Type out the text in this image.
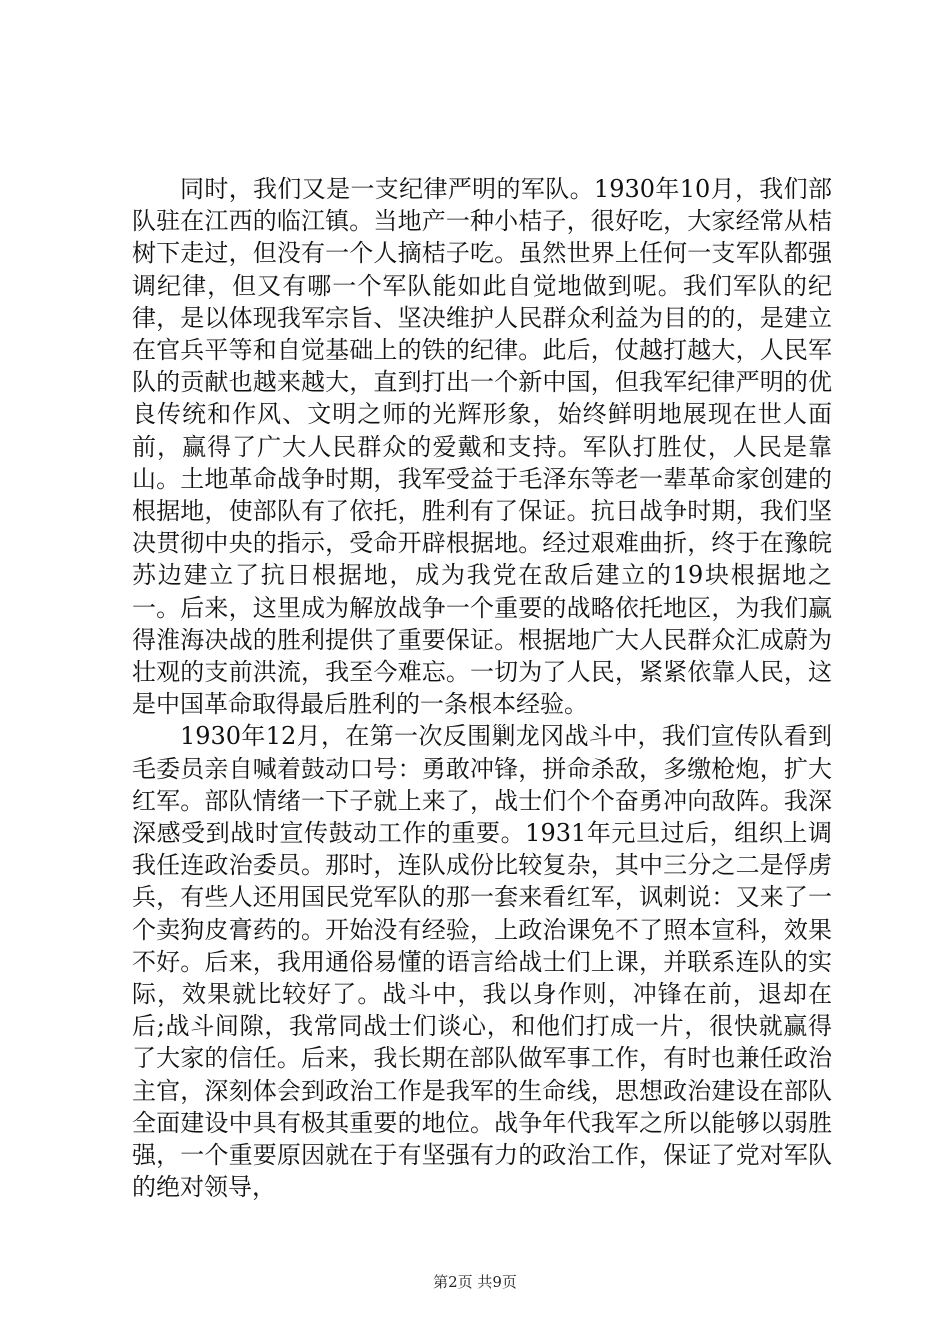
同时，我们又是一支纪律严明的军队。1930年10月，我们部队驻在江西的临江镇。当地产一种小桔子，很好吃，大家经常从桔树下走过，但没有一个人摘桔子吃。虽然世界上任何一支军队都强调纪律，但又有哪一个军队能如此自觉地做到呢。我们军队的纪律，是以体现我军宗旨、坚决维护人民群众利益为目的的，是建立在官兵平等和自觉基础上的铁的纪律。此后，仗越打越大，人民军队的贡献也越来越大，直到打出一个新中国，但我军纪律严明的优良传统和作风、文明之师的光辉形象，始终鲜明地展现在世人面前，赢得了广大人民群众的爱戴和支持。军队打胜仗，人民是靠山。土地革命战争时期，我军受益于毛泽东等老一辈革命家创建的根据地，使部队有了依托，胜利有了保证。抗日战争时期，我们坚决贯彻中央的指示，受命开辟根据地。经过艰难曲折，终于在豫皖苏边建立了抗日根据地，成为我党在敌后建立的19块根据地之一。后来，这里成为解放战争一个重要的战略依托地区，为我们赢得淮海决战的胜利提供了重要保证。根据地广大人民群众汇成蔚为壮观的支前洪流，我至今难忘。一切为了人民，紧紧依靠人民，这是中国革命取得最后胜利的一条根本经验。

1930年12月，在第一次反围剿龙冈战斗中，我们宣传队看到毛委员亲自喊着鼓动口号：勇敢冲锋，拼命杀敌，多缴枪炮，扩大红军。部队情绪一下子就上来了，战士们个个奋勇冲向敌阵。我深深感受到战时宣传鼓动工作的重要。1931年元旦过后，组织上调我任连政治委员。那时，连队成份比较复杂，其中三分之二是俘虏兵，有些人还用国民党军队的那一套来看红军，讽刺说：又来了一个卖狗皮膏药的。开始没有经验，上政治课免不了照本宣科，效果不好。后来，我用通俗易懂的语言给战士们上课，并联系连队的实际，效果就比较好了。战斗中，我以身作则，冲锋在前，退却在后;战斗间隙，我常同战士们谈心，和他们打成一片，很快就赢得了大家的信任。后来，我长期在部队做军事工作，有时也兼任政治主官，深刻体会到政治工作是我军的生命线，思想政治建设在部队全面建设中具有极其重要的地位。战争年代我军之所以能够以弱胜强，一个重要原因就在于有坚强有力的政治工作，保证了党对军队的绝对领导，

第2页 共9页
